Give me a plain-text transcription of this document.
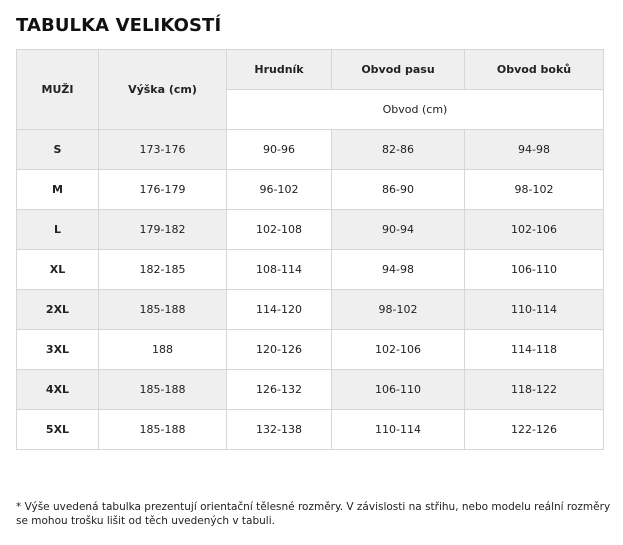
TABULKA VELIKOSTÍ
MUŽI	Výška (cm)	Hrudník	Obvod pasu	Obvod boků
		Obvod (cm)		
S	173-176	90-96	82-86	94-98
M	176-179	96-102	86-90	98-102
L	179-182	102-108	90-94	102-106
XL	182-185	108-114	94-98	106-110
2XL	185-188	114-120	98-102	110-114
3XL	188	120-126	102-106	114-118
4XL	185-188	126-132	106-110	118-122
5XL	185-188	132-138	110-114	122-126
* Výše uvedená tabulka prezentují orientační tělesné rozměry. V závislosti na střihu, nebo modelu reální rozměry se mohou trošku lišit od těch uvedených v tabuli.
